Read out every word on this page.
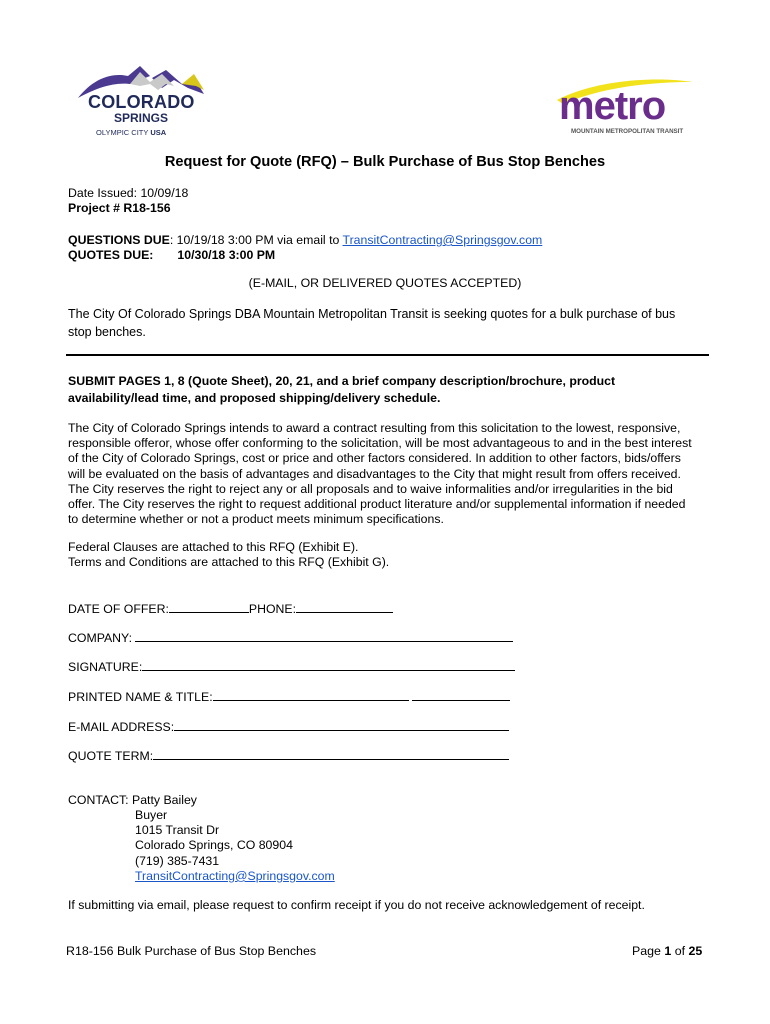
COLORADO
SPRINGS
OLYMPIC CITY USA
metro
MOUNTAIN METROPOLITAN TRANSIT
Request for Quote (RFQ) – Bulk Purchase of Bus Stop Benches
Date Issued: 10/09/18
Project # R18-156
QUESTIONS DUE: 10/19/18 3:00 PM via email to TransitContracting@Springsgov.com
QUOTES DUE: 10/30/18 3:00 PM
(E-MAIL, OR DELIVERED QUOTES ACCEPTED)
The City Of Colorado Springs DBA Mountain Metropolitan Transit is seeking quotes for a bulk purchase of bus
stop benches.
SUBMIT PAGES 1, 8 (Quote Sheet), 20, 21, and a brief company description/brochure, product
availability/lead time, and proposed shipping/delivery schedule.
The City of Colorado Springs intends to award a contract resulting from this solicitation to the lowest, responsive,
responsible offeror, whose offer conforming to the solicitation, will be most advantageous to and in the best interest
of the City of Colorado Springs, cost or price and other factors considered. In addition to other factors, bids/offers
will be evaluated on the basis of advantages and disadvantages to the City that might result from offers received.
The City reserves the right to reject any or all proposals and to waive informalities and/or irregularities in the bid
offer. The City reserves the right to request additional product literature and/or supplemental information if needed
to determine whether or not a product meets minimum specifications.
Federal Clauses are attached to this RFQ (Exhibit E).
Terms and Conditions are attached to this RFQ (Exhibit G).
DATE OF OFFER:	PHONE:
COMPANY:
SIGNATURE:
PRINTED NAME & TITLE:
E-MAIL ADDRESS:
QUOTE TERM:
CONTACT: Patty Bailey
Buyer
1015 Transit Dr
Colorado Springs, CO 80904
(719) 385-7431
TransitContracting@Springsgov.com
If submitting via email, please request to confirm receipt if you do not receive acknowledgement of receipt.
R18-156 Bulk Purchase of Bus Stop Benches	Page 1 of 25
